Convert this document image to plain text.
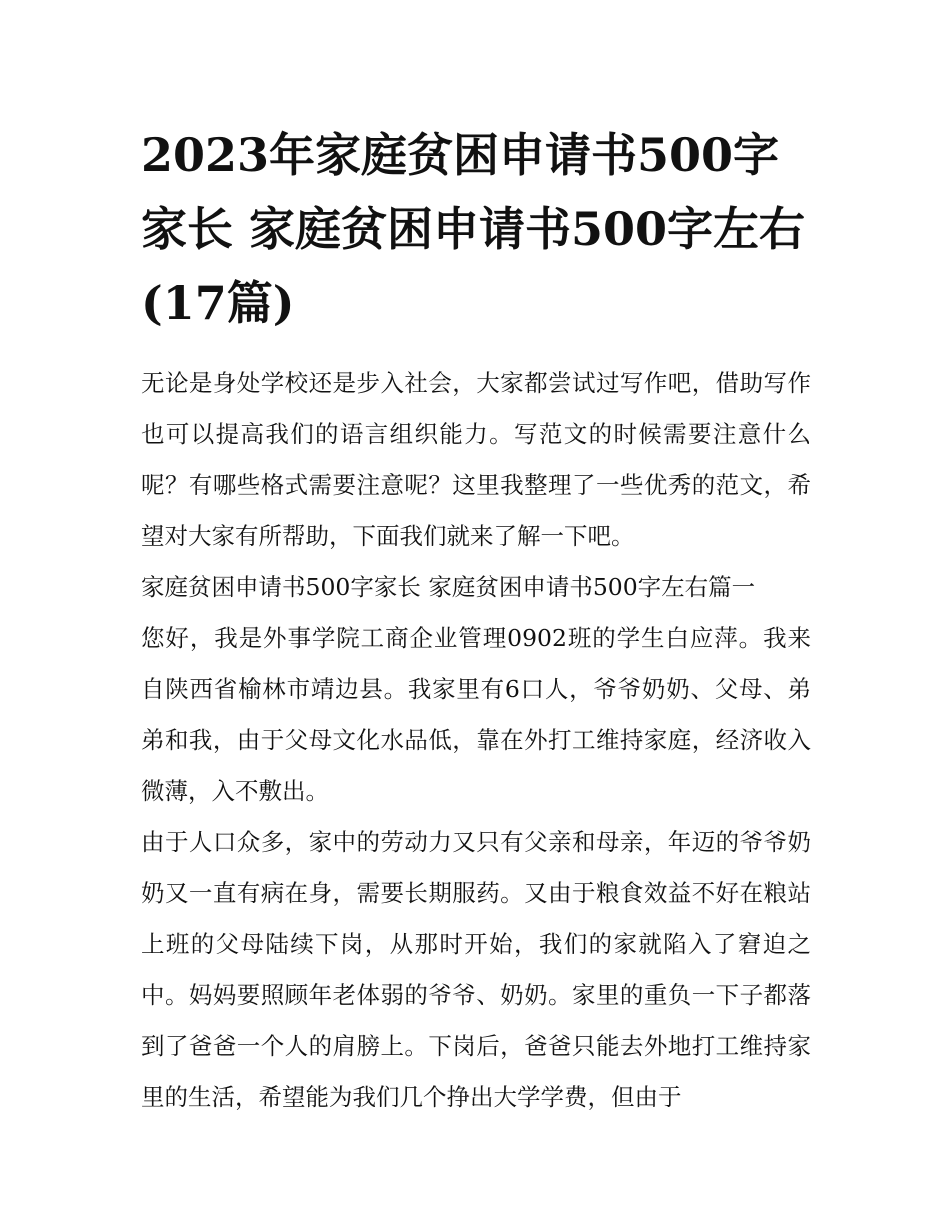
2023年家庭贫困申请书500字家长 家庭贫困申请书500字左右(17篇)

无论是身处学校还是步入社会，大家都尝试过写作吧，借助写作也可以提高我们的语言组织能力。写范文的时候需要注意什么呢？有哪些格式需要注意呢？这里我整理了一些优秀的范文，希望对大家有所帮助，下面我们就来了解一下吧。

家庭贫困申请书500字家长 家庭贫困申请书500字左右篇一

您好，我是外事学院工商企业管理0902班的学生白应萍。我来自陕西省榆林市靖边县。我家里有6口人，爷爷奶奶、父母、弟弟和我，由于父母文化水品低，靠在外打工维持家庭，经济收入微薄，入不敷出。

由于人口众多，家中的劳动力又只有父亲和母亲，年迈的爷爷奶奶又一直有病在身，需要长期服药。又由于粮食效益不好在粮站上班的父母陆续下岗，从那时开始，我们的家就陷入了窘迫之中。妈妈要照顾年老体弱的爷爷、奶奶。家里的重负一下子都落到了爸爸一个人的肩膀上。下岗后，爸爸只能去外地打工维持家里的生活，希望能为我们几个挣出大学学费，但由于
